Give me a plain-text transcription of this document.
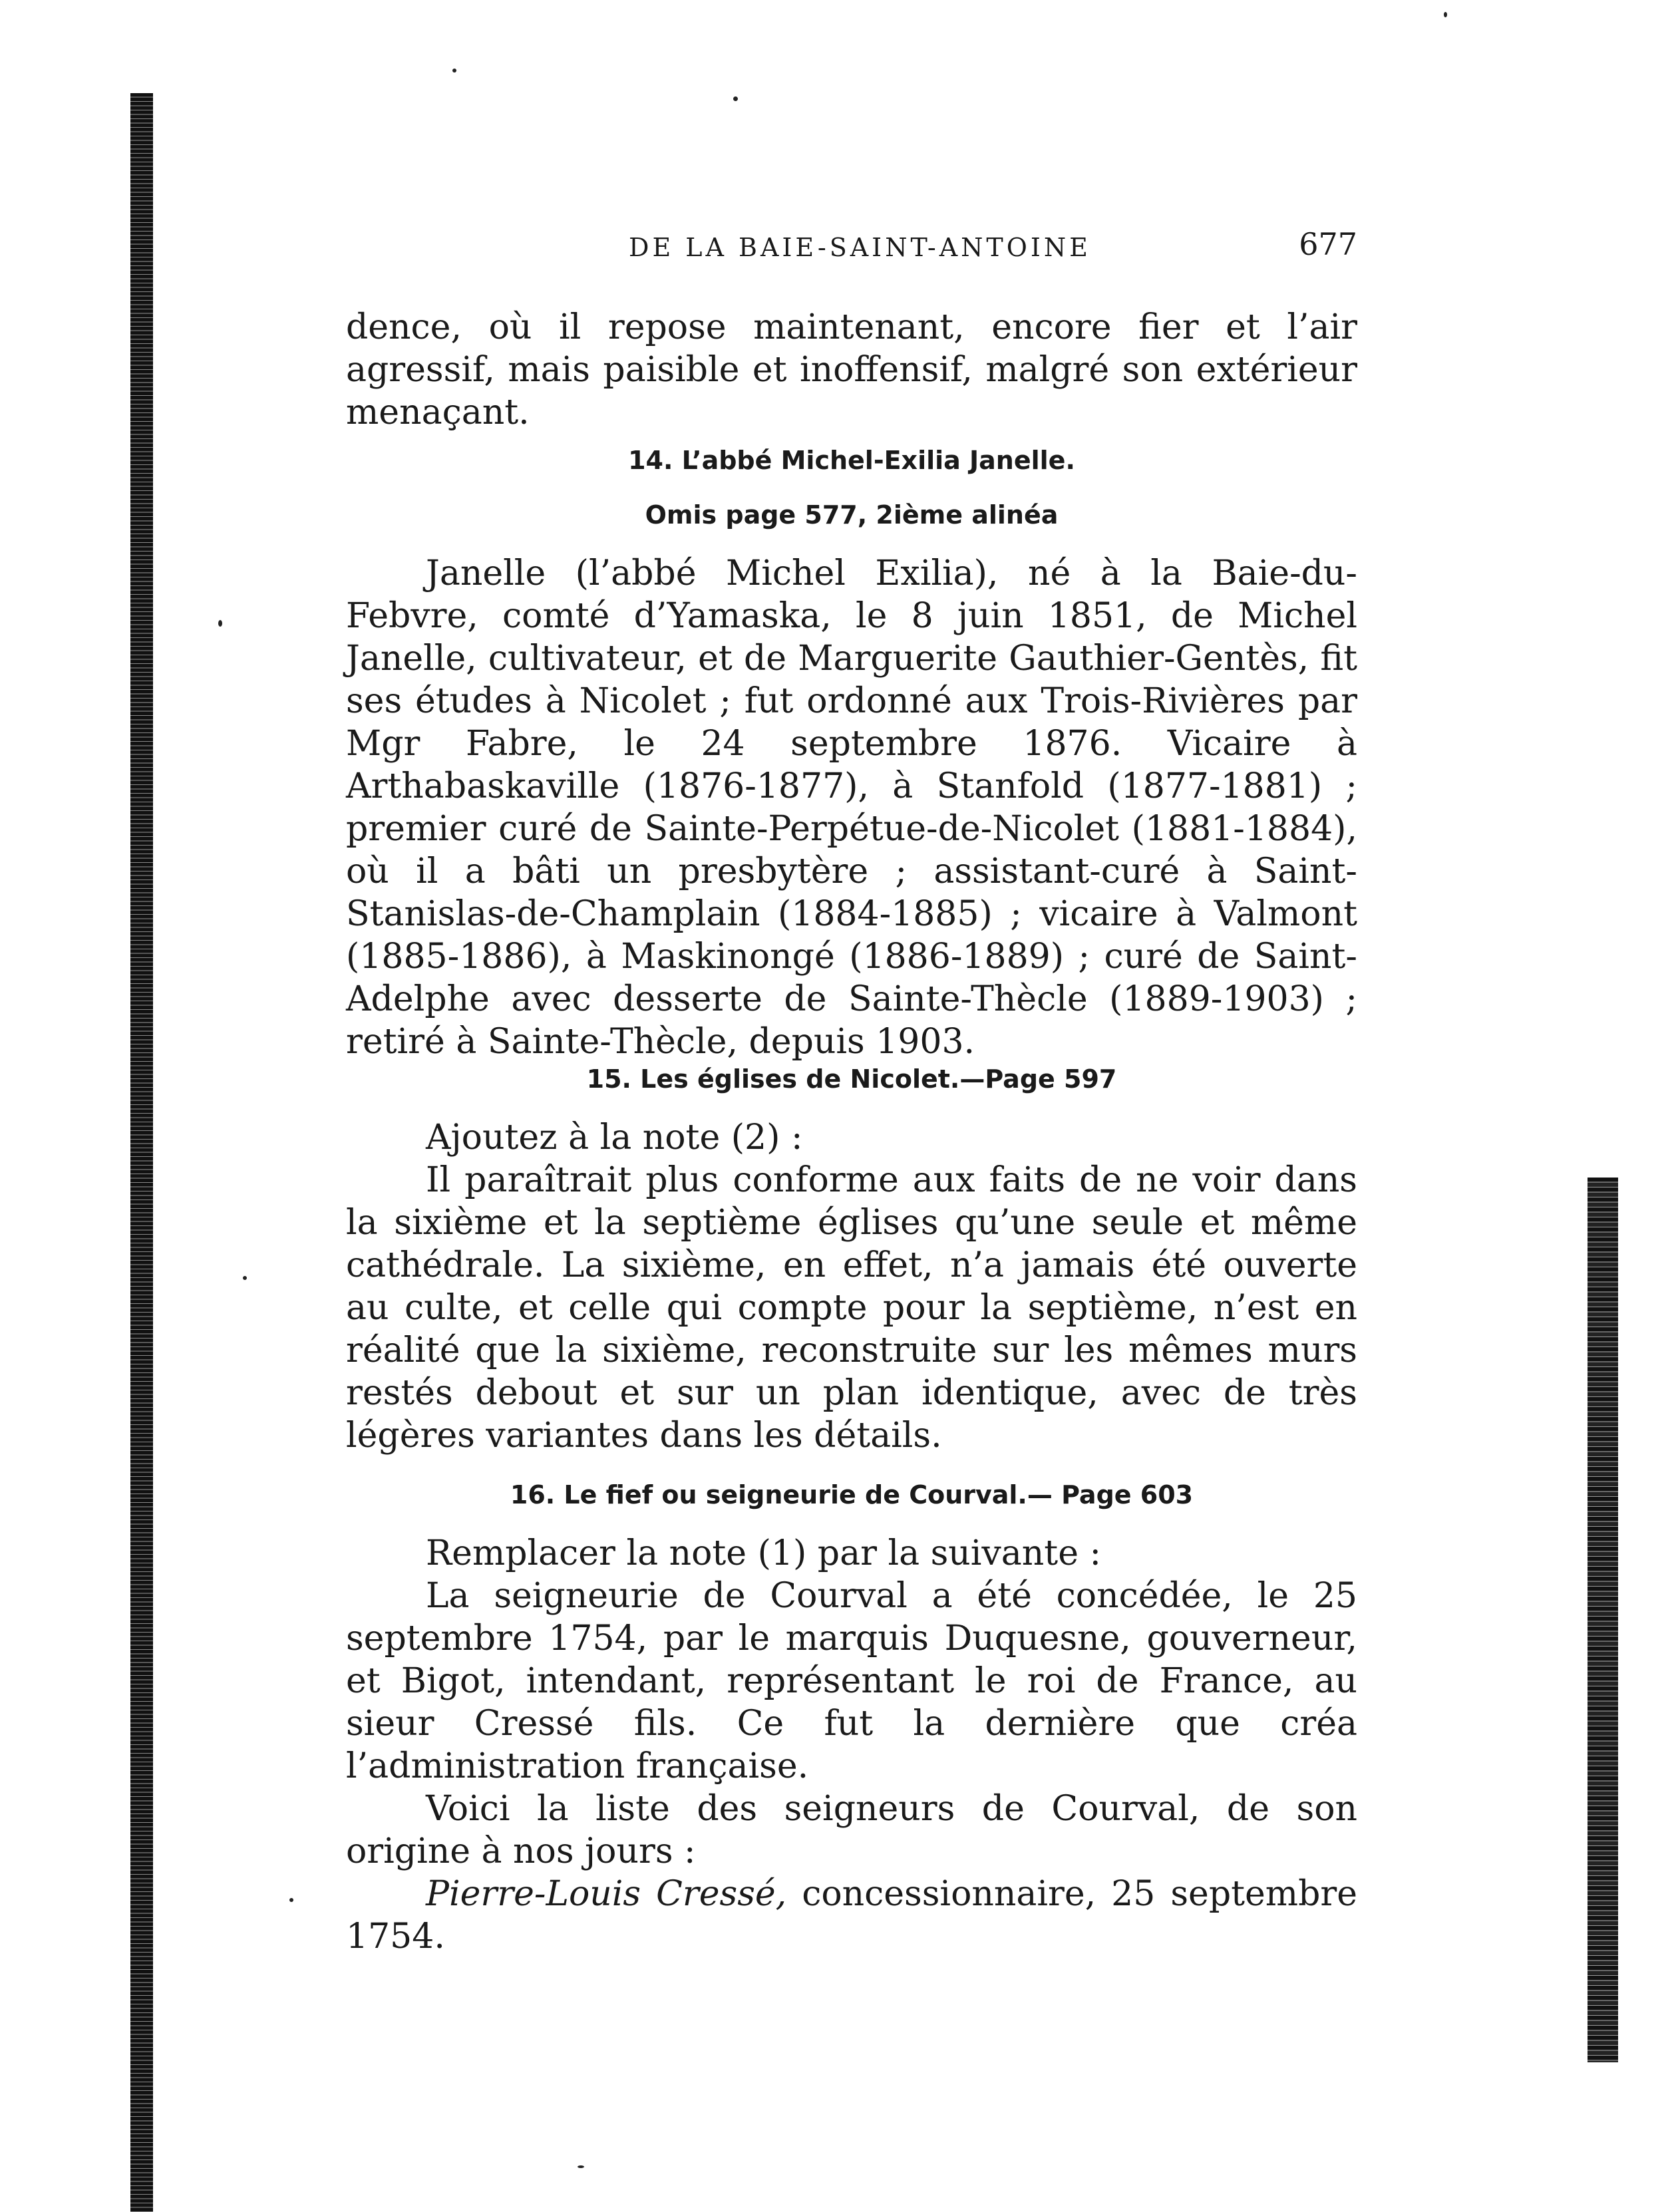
DE LA BAIE-SAINT-ANTOINE	677

dence, où il repose maintenant, encore fier et l’air agressif, mais paisible et inoffensif, malgré son extérieur menaçant.

14. L’abbé Michel-Exilia Janelle.

Omis page 577, 2ième alinéa

Janelle (l’abbé Michel Exilia), né à la Baie-du-Febvre, comté d’Yamaska, le 8 juin 1851, de Michel Janelle, cultivateur, et de Marguerite Gauthier-Gentès, fit ses études à Nicolet ; fut ordonné aux Trois-Rivières par Mgr Fabre, le 24 septembre 1876. Vicaire à Arthabaskaville (1876-1877), à Stanfold (1877-1881) ; premier curé de Sainte-Perpétue-de-Nicolet (1881-1884), où il a bâti un presbytère ; assistant-curé à Saint-Stanislas-de-Champlain (1884-1885) ; vicaire à Valmont (1885-1886), à Maskinongé (1886-1889) ; curé de Saint-Adelphe avec desserte de Sainte-Thècle (1889-1903) ; retiré à Sainte-Thècle, depuis 1903.

15. Les églises de Nicolet.—Page 597

Ajoutez à la note (2) :

Il paraîtrait plus conforme aux faits de ne voir dans la sixième et la septième églises qu’une seule et même cathédrale. La sixième, en effet, n’a jamais été ouverte au culte, et celle qui compte pour la septième, n’est en réalité que la sixième, reconstruite sur les mêmes murs restés debout et sur un plan identique, avec de très légères variantes dans les détails.

16. Le fief ou seigneurie de Courval.— Page 603

Remplacer la note (1) par la suivante :

La seigneurie de Courval a été concédée, le 25 septembre 1754, par le marquis Duquesne, gouverneur, et Bigot, intendant, représentant le roi de France, au sieur Cressé fils. Ce fut la dernière que créa l’administration française.

Voici la liste des seigneurs de Courval, de son origine à nos jours :

Pierre-Louis Cressé, concessionnaire, 25 septembre 1754.
